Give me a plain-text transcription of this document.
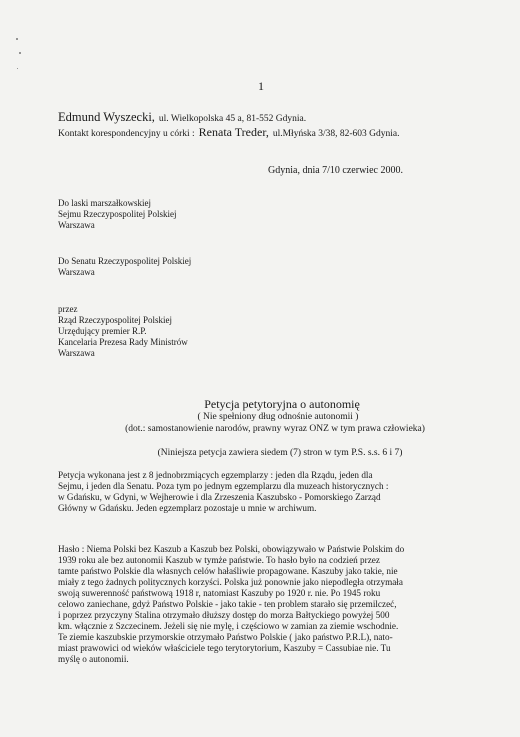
1
Edmund Wyszecki, ul. Wielkopolska 45 a, 81-552 Gdynia.
Kontakt korespondencyjny u córki : Renata Treder, ul.Młyńska 3/38, 82-603 Gdynia.
Gdynia, dnia 7/10 czerwiec 2000.
Do laski marszałkowskiej
Sejmu Rzeczypospolitej Polskiej
Warszawa
Do Senatu Rzeczypospolitej Polskiej
Warszawa
przez
Rząd Rzeczypospolitej Polskiej
Urzędujący premier R.P.
Kancelaria Prezesa Rady Ministrów
Warszawa
Petycja petytoryjna o autonomię
( Nie spełniony dług odnośnie autonomii )
(dot.: samostanowienie narodów, prawny wyraz ONZ w tym prawa człowieka)
(Niniejsza petycja zawiera siedem (7) stron w tym P.S. s.s. 6 i 7)
Petycja wykonana jest z 8 jednobrzmiących egzemplarzy : jeden dla Rządu, jeden dla
Sejmu, i jeden dla Senatu. Poza tym po jednym egzemplarzu dla muzeach historycznych :
w Gdańsku, w Gdyni, w Wejherowie i dla Zrzeszenia Kaszubsko - Pomorskiego Zarząd
Główny w Gdańsku. Jeden egzemplarz pozostaje u mnie w archiwum.
Hasło : Niema Polski bez Kaszub a Kaszub bez Polski, obowiązywało w Państwie Polskim do
1939 roku ale bez autonomii Kaszub w tymże państwie. To hasło było na codzień przez
tamte państwo Polskie dla własnych celów hałaśliwie propagowane. Kaszuby jako takie, nie
miały z tego żadnych politycznych korzyści. Polska już ponownie jako niepodległa otrzymała
swoją suwerenność państwową 1918 r, natomiast Kaszuby po 1920 r. nie. Po 1945 roku
celowo zaniechane, gdyż Państwo Polskie - jako takie - ten problem starało się przemilczeć,
i poprzez przyczyny Stalina otrzymało dłuższy dostęp do morza Bałtyckiego powyżej 500
km. włącznie z Szczecinem. Jeżeli się nie mylę, i częściowo w zamian za ziemie wschodnie.
Te ziemie kaszubskie przymorskie otrzymało Państwo Polskie ( jako państwo P.R.L), nato-
miast prawowici od wieków właściciele tego terytorytorium, Kaszuby = Cassubiae nie. Tu
myślę o autonomii.
